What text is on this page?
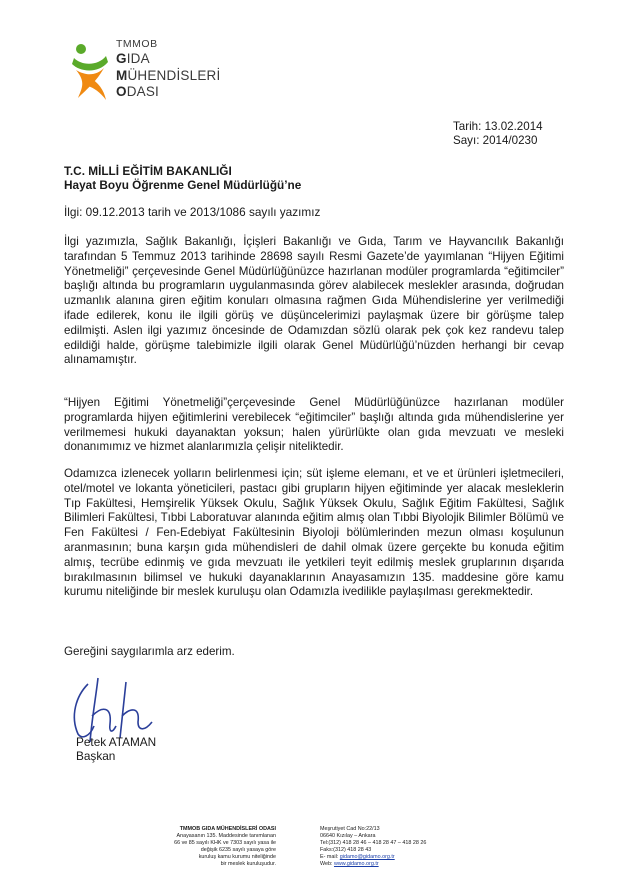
TMMOB
GIDA
MÜHENDİSLERİ
ODASI
Tarih: 13.02.2014
Sayı: 2014/0230
T.C. MİLLİ EĞİTİM BAKANLIĞI
Hayat Boyu Öğrenme Genel Müdürlüğü’ne
İlgi: 09.12.2013 tarih ve 2013/1086 sayılı yazımız
İlgi yazımızla, Sağlık Bakanlığı, İçişleri Bakanlığı ve Gıda, Tarım ve Hayvancılık Bakanlığı tarafından 5 Temmuz 2013 tarihinde 28698 sayılı Resmi Gazete’de yayımlanan “Hijyen Eğitimi Yönetmeliği” çerçevesinde Genel Müdürlüğünüzce hazırlanan modüler programlarda “eğitimciler” başlığı altında bu programların uygulanmasında görev alabilecek meslekler arasında, doğrudan uzmanlık alanına giren eğitim konuları olmasına rağmen Gıda Mühendislerine yer verilmediği ifade edilerek, konu ile ilgili görüş ve düşüncelerimizi paylaşmak üzere bir görüşme talep edilmişti. Aslen ilgi yazımız öncesinde de Odamızdan sözlü olarak pek çok kez randevu talep edildiği halde, görüşme talebimizle ilgili olarak Genel Müdürlüğü’nüzden herhangi bir cevap alınamamıştır.
“Hijyen Eğitimi Yönetmeliği”çerçevesinde Genel Müdürlüğünüzce hazırlanan modüler programlarda hijyen eğitimlerini verebilecek “eğitimciler” başlığı altında gıda mühendislerine yer verilmemesi hukuki dayanaktan yoksun; halen yürürlükte olan gıda mevzuatı ve mesleki donanımımız ve hizmet alanlarımızla çelişir niteliktedir.
Odamızca izlenecek yolların belirlenmesi için; süt işleme elemanı, et ve et ürünleri işletmecileri, otel/motel ve lokanta yöneticileri, pastacı gibi grupların hijyen eğitiminde yer alacak mesleklerin Tıp Fakültesi, Hemşirelik Yüksek Okulu, Sağlık Yüksek Okulu, Sağlık Eğitim Fakültesi, Sağlık Bilimleri Fakültesi, Tıbbi Laboratuvar alanında eğitim almış olan Tıbbi Biyolojik Bilimler Bölümü ve Fen Fakültesi / Fen-Edebiyat Fakültesinin Biyoloji bölümlerinden mezun olması koşulunun aranmasının; buna karşın gıda mühendisleri de dahil olmak üzere gerçekte bu konuda eğitim almış, tecrübe edinmiş ve gıda mevzuatı ile yetkileri teyit edilmiş meslek gruplarının dışarıda bırakılmasının bilimsel ve hukuki dayanaklarının Anayasamızın 135. maddesine göre kamu kurumu niteliğinde bir meslek kuruluşu olan Odamızla ivedilikle paylaşılması gerekmektedir.
Gereğini saygılarımla arz ederim.
Petek ATAMAN
Başkan
TMMOB GIDA MÜHENDİSLERİ ODASI
Anayasanın 135. Maddesinde tanımlanan
66 ve 85 sayılı KHK ve 7303 sayılı yasa ile
değişik 6235 sayılı yasaya göre
kuruluş kamu kurumu niteliğinde
bir meslek kuruluşudur.
Meşrutiyet Cad No:22/13
06640 Kızılay – Ankara
Tel:(312) 418 28 46 – 418 28 47 – 418 28 26
Faks:(312) 418 28 43
E- mail: gidamo@gidamo.org.tr
Web: www.gidamo.org.tr
